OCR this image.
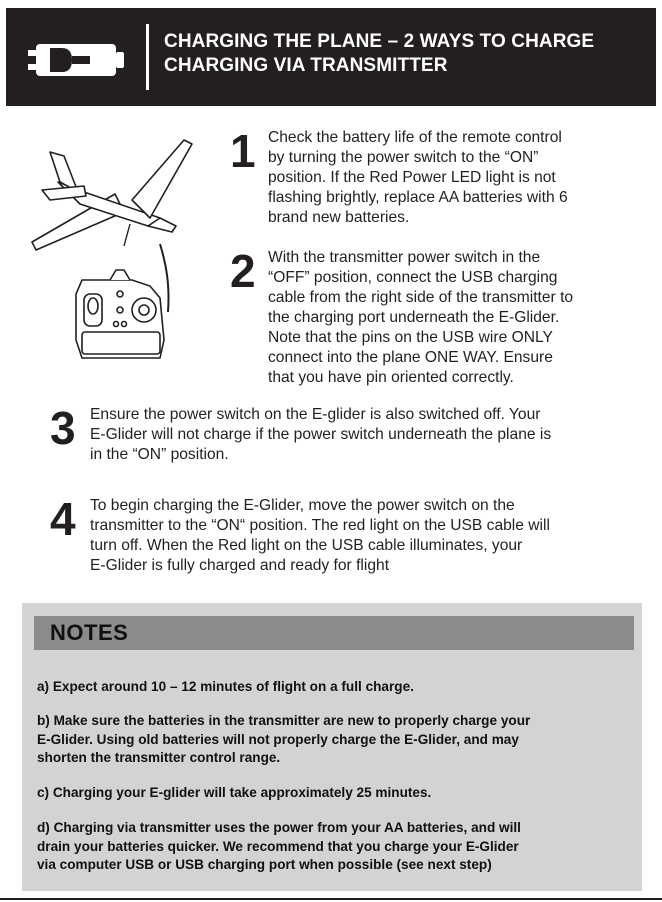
CHARGING THE PLANE – 2 WAYS TO CHARGE
CHARGING VIA TRANSMITTER
1 Check the battery life of the remote control
by turning the power switch to the “ON”
position. If the Red Power LED light is not
flashing brightly, replace AA batteries with 6
brand new batteries.
2 With the transmitter power switch in the
“OFF” position, connect the USB charging
cable from the right side of the transmitter to
the charging port underneath the E-Glider.
Note that the pins on the USB wire ONLY
connect into the plane ONE WAY. Ensure
that you have pin oriented correctly.
3 Ensure the power switch on the E-glider is also switched off. Your
E-Glider will not charge if the power switch underneath the plane is
in the “ON” position.
4 To begin charging the E-Glider, move the power switch on the
transmitter to the “ON“ position. The red light on the USB cable will
turn off. When the Red light on the USB cable illuminates, your
E-Glider is fully charged and ready for flight
NOTES
a) Expect around 10 – 12 minutes of flight on a full charge.
b) Make sure the batteries in the transmitter are new to properly charge your
E-Glider. Using old batteries will not properly charge the E-Glider, and may
shorten the transmitter control range.
c) Charging your E-glider will take approximately 25 minutes.
d) Charging via transmitter uses the power from your AA batteries, and will
drain your batteries quicker. We recommend that you charge your E-Glider
via computer USB or USB charging port when possible (see next step)
